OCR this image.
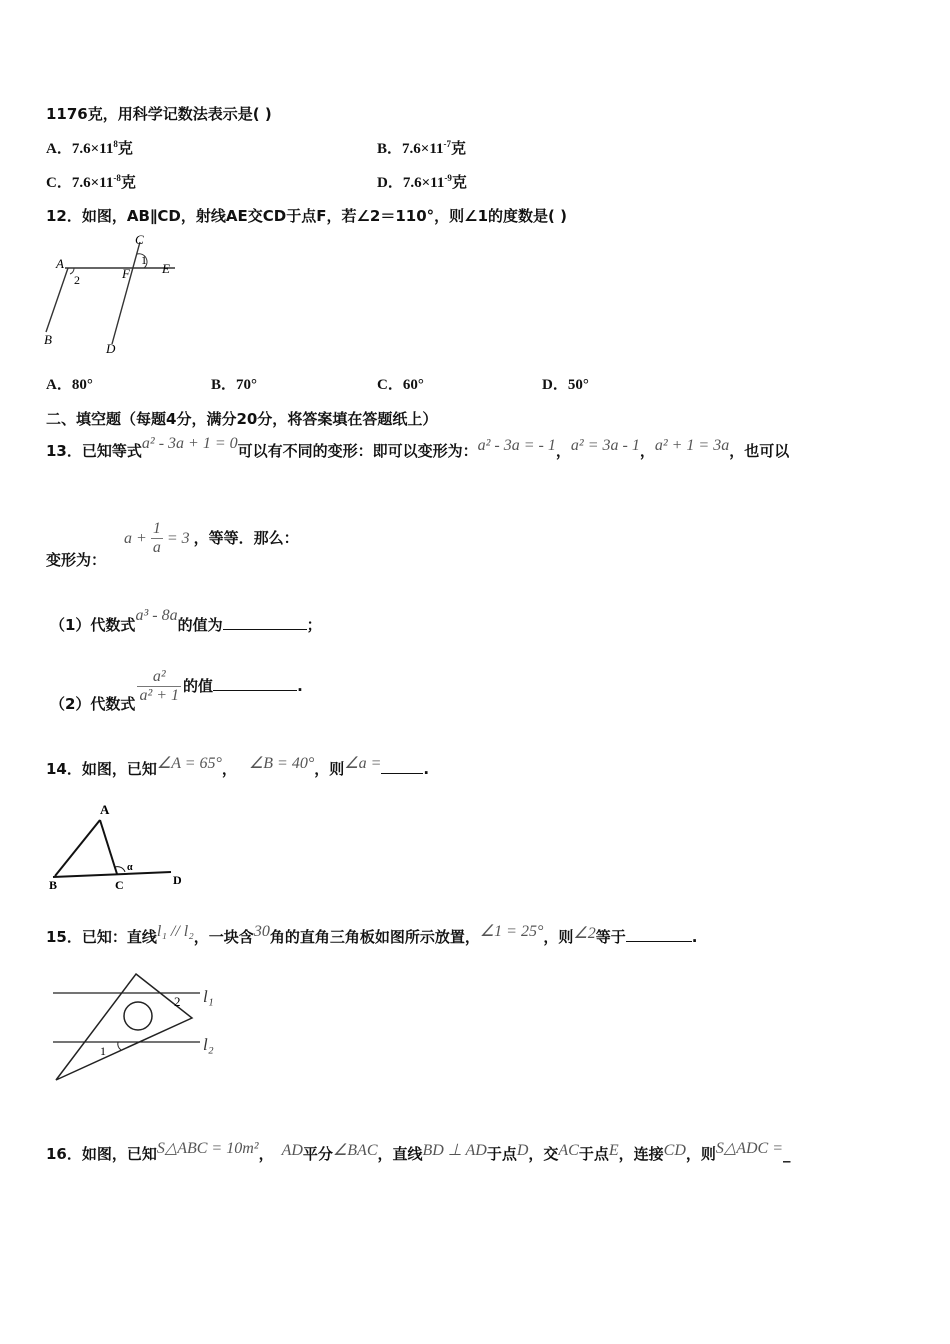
1176克，用科学记数法表示是( )
A．$7.6\times 11^8$克	B．$7.6\times 11^{-7}$克
C．$7.6\times 11^{-8}$克	D．$7.6\times 11^{-9}$克
12．如图，AB∥CD，射线AE交CD于点F，若∠2＝110°，则∠1的度数是( )
A
2
C
1
E
F
B
D
A．80°	B．70°	C．60°	D．50°
二、填空题（每题4分，满分20分，将答案填在答题纸上）
13．已知等式a² - 3a + 1 = 0可以有不同的变形：即可以变形为：a² - 3a = - 1，a² = 3a - 1，a² + 1 = 3a，也可以
变形为：$a + \frac{1}{a} = 3$ ，等等．那么：
（1）代数式a³ - 8a的值为	；
（2）代数式 $\frac{\text{a²}}{\text{a² + 1}}$ 的值	.
14．如图，已知∠A = 65°， ∠B = 40°，则∠a =	.
A
B	C	D
α
15．已知：直线l₁ // l₂，一块含30角的直角三角板如图所示放置，∠1 = 25°，则∠2等于	.
1
2 l₁
l₂
16．如图，已知S△ABC = 10m²， AD平分∠BAC，直线BD ⊥ AD于点D，交AC于点E，连接CD，则S△ADC =_
